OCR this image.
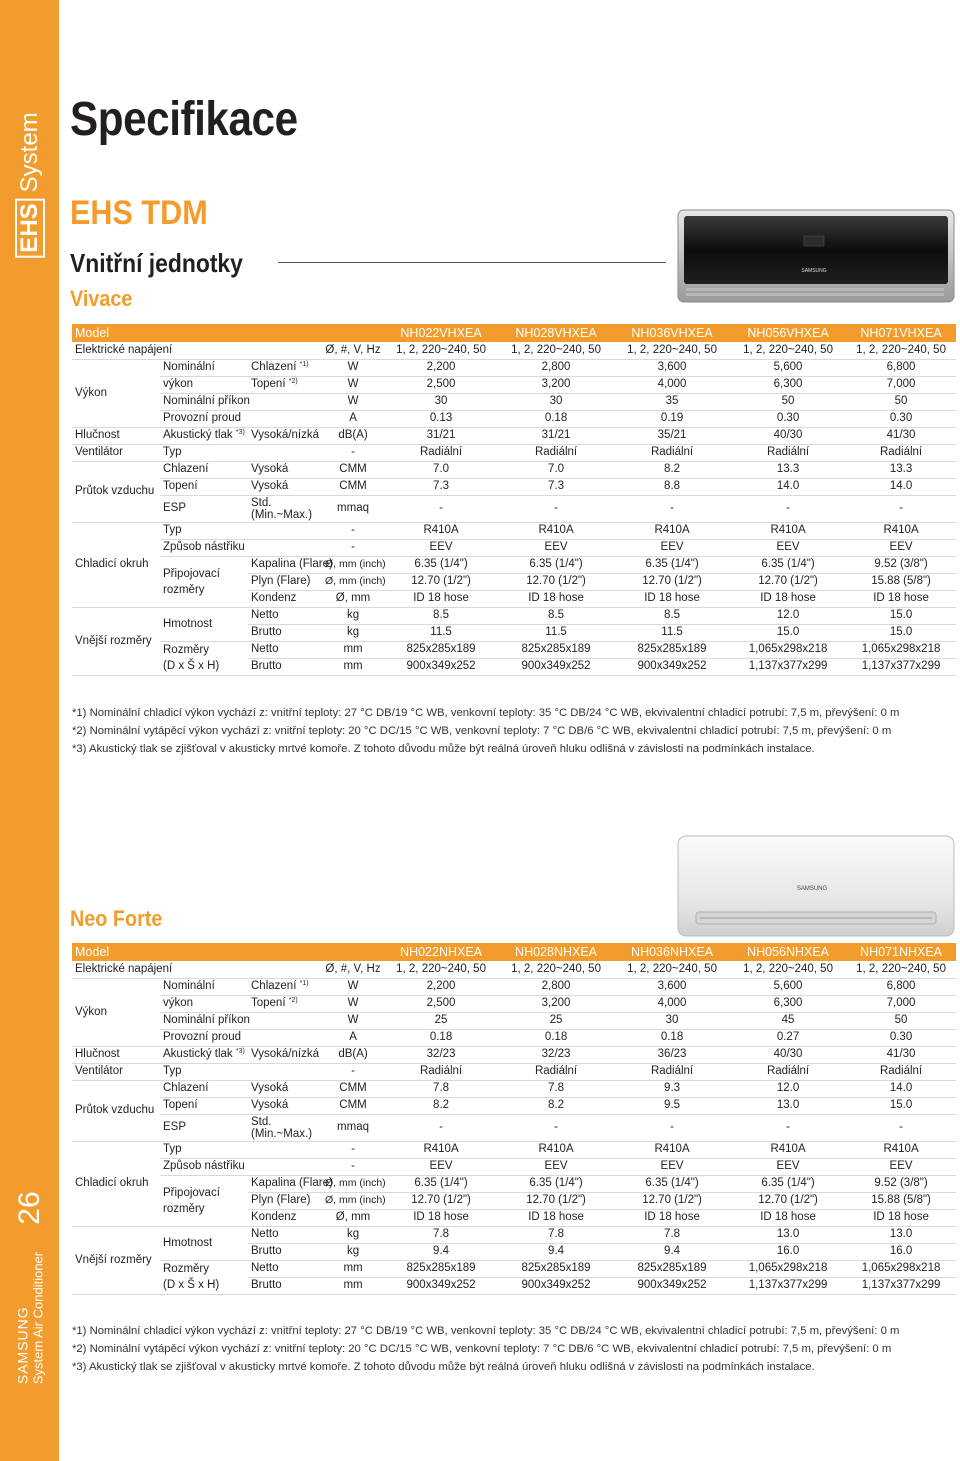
EHSSystem
26
SAMSUNG System Air Conditioner
Specifikace
EHS TDM
Vnitřní jednotky	SAMSUNG
Vivace
Model				NH022VHXEA	NH028VHXEA	NH036VHXEA	NH056VHXEA	NH071VHXEA
Elektrické napájení			Ø, #, V, Hz	1, 2, 220~240, 50	1, 2, 220~240, 50	1, 2, 220~240, 50	1, 2, 220~240, 50	1, 2, 220~240, 50
Výkon	Nominální	Chlazení $^{*1)}$	W	2,200	2,800	3,600	5,600	6,800
	výkon	Topení $^{*2)}$	W	2,500	3,200	4,000	6,300	7,000
	Nominální příkon		W	30	30	35	50	50
	Provozní proud		A	0.13	0.18	0.19	0.30	0.30
Hlučnost	Akustický tlak $^{*3)}$	Vysoká/nízká	dB(A)	31/21	31/21	35/21	40/30	41/30
Ventilátor	Typ		-	Radiální	Radiální	Radiální	Radiální	Radiální
Průtok vzduchu	Chlazení	Vysoká	CMM	7.0	7.0	8.2	13.3	13.3
	Topení	Vysoká	CMM	7.3	7.3	8.8	14.0	14.0
	ESP	Std.
(Min.~Max.)	mmaq	-	-	-	-	-
Chladicí okruh	Typ		-	R410A	R410A	R410A	R410A	R410A
	Způsob nástřiku		-	EEV	EEV	EEV	EEV	EEV
	Připojovací
rozměry	Kapalina (Flare)	Ø, mm (inch)	6.35 (1/4")	6.35 (1/4")	6.35 (1/4")	6.35 (1/4")	9.52 (3/8")
		Plyn (Flare)	Ø, mm (inch)	12.70 (1/2")	12.70 (1/2")	12.70 (1/2")	12.70 (1/2")	15.88 (5/8")
		Kondenz	Ø, mm	ID 18 hose	ID 18 hose	ID 18 hose	ID 18 hose	ID 18 hose
Vnější rozměry	Hmotnost	Netto	kg	8.5	8.5	8.5	12.0	15.0
		Brutto	kg	11.5	11.5	11.5	15.0	15.0
	Rozměry
(D x Š x H)	Netto	mm	825x285x189	825x285x189	825x285x189	1,065x298x218	1,065x298x218
		Brutto	mm	900x349x252	900x349x252	900x349x252	1,137x377x299	1,137x377x299
*1) Nominální chladicí výkon vychází z: vnitřní teploty: 27 °C DB/19 °C WB, venkovní teploty: 35 °C DB/24 °C WB, ekvivalentní chladicí potrubí: 7,5 m, převýšení: 0 m
*2) Nominální vytápěcí výkon vychází z: vnitřní teploty: 20 °C DC/15 °C WB, venkovní teploty: 7 °C DB/6 °C WB, ekvivalentní chladicí potrubí: 7,5 m, převýšení: 0 m
*3) Akustický tlak se zjišťoval v akusticky mrtvé komoře. Z tohoto důvodu může být reálná úroveň hluku odlišná v závislosti na podmínkách instalace.
SAMSUNG
Neo Forte
Model				NH022NHXEA	NH028NHXEA	NH036NHXEA	NH056NHXEA	NH071NHXEA
Elektrické napájení			Ø, #, V, Hz	1, 2, 220~240, 50	1, 2, 220~240, 50	1, 2, 220~240, 50	1, 2, 220~240, 50	1, 2, 220~240, 50
Výkon	Nominální	Chlazení $^{*1)}$	W	2,200	2,800	3,600	5,600	6,800
	výkon	Topení $^{*2)}$	W	2,500	3,200	4,000	6,300	7,000
	Nominální příkon		W	25	25	30	45	50
	Provozní proud		A	0.18	0.18	0.18	0.27	0.30
Hlučnost	Akustický tlak $^{*3)}$	Vysoká/nízká	dB(A)	32/23	32/23	36/23	40/30	41/30
Ventilátor	Typ		-	Radiální	Radiální	Radiální	Radiální	Radiální
Průtok vzduchu	Chlazení	Vysoká	CMM	7.8	7.8	9.3	12.0	14.0
	Topení	Vysoká	CMM	8.2	8.2	9.5	13.0	15.0
	ESP	Std.
(Min.~Max.)	mmaq	-	-	-	-	-
Chladicí okruh	Typ		-	R410A	R410A	R410A	R410A	R410A
	Způsob nástřiku		-	EEV	EEV	EEV	EEV	EEV
	Připojovací
rozměry	Kapalina (Flare)	Ø, mm (inch)	6.35 (1/4")	6.35 (1/4")	6.35 (1/4")	6.35 (1/4")	9.52 (3/8")
		Plyn (Flare)	Ø, mm (inch)	12.70 (1/2")	12.70 (1/2")	12.70 (1/2")	12.70 (1/2")	15.88 (5/8")
		Kondenz	Ø, mm	ID 18 hose	ID 18 hose	ID 18 hose	ID 18 hose	ID 18 hose
Vnější rozměry	Hmotnost	Netto	kg	7.8	7.8	7.8	13.0	13.0
		Brutto	kg	9.4	9.4	9.4	16.0	16.0
	Rozměry
(D x Š x H)	Netto	mm	825x285x189	825x285x189	825x285x189	1,065x298x218	1,065x298x218
		Brutto	mm	900x349x252	900x349x252	900x349x252	1,137x377x299	1,137x377x299
*1) Nominální chladicí výkon vychází z: vnitřní teploty: 27 °C DB/19 °C WB, venkovní teploty: 35 °C DB/24 °C WB, ekvivalentní chladicí potrubí: 7,5 m, převýšení: 0 m
*2) Nominální vytápěcí výkon vychází z: vnitřní teploty: 20 °C DC/15 °C WB, venkovní teploty: 7 °C DB/6 °C WB, ekvivalentní chladicí potrubí: 7,5 m, převýšení: 0 m
*3) Akustický tlak se zjišťoval v akusticky mrtvé komoře. Z tohoto důvodu může být reálná úroveň hluku odlišná v závislosti na podmínkách instalace.
